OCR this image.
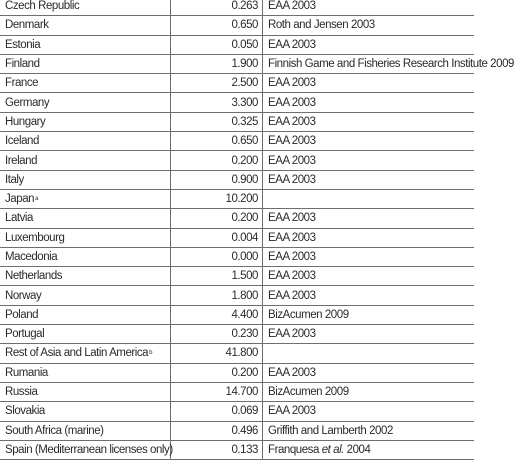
Czech Republic	0.263 EAA 2003
Denmark	0.650 Roth and Jensen 2003
Estonia	0.050 EAA 2003
Finland	1.900 Finnish Game and Fisheries Research Institute 2009
France	2.500 EAA 2003
Germany	3.300 EAA 2003
Hungary	0.325 EAA 2003
Iceland	0.650 EAA 2003
Ireland	0.200 EAA 2003
Italy	0.900 EAA 2003
Japan a	10.200
Latvia	0.200 EAA 2003
Luxembourg	0.004 EAA 2003
Macedonia	0.000 EAA 2003
Netherlands	1.500 EAA 2003
Norway	1.800 EAA 2003
Poland	4.400 BizAcumen 2009
Portugal	0.230 EAA 2003
Rest of Asia and Latin America b	41.800
Rumania	0.200 EAA 2003
Russia	14.700 BizAcumen 2009
Slovakia	0.069 EAA 2003
South Africa (marine)	0.496 Griffith and Lamberth 2002
Spain (Mediterranean licenses only)	0.133 Franquesa et al. 2004
